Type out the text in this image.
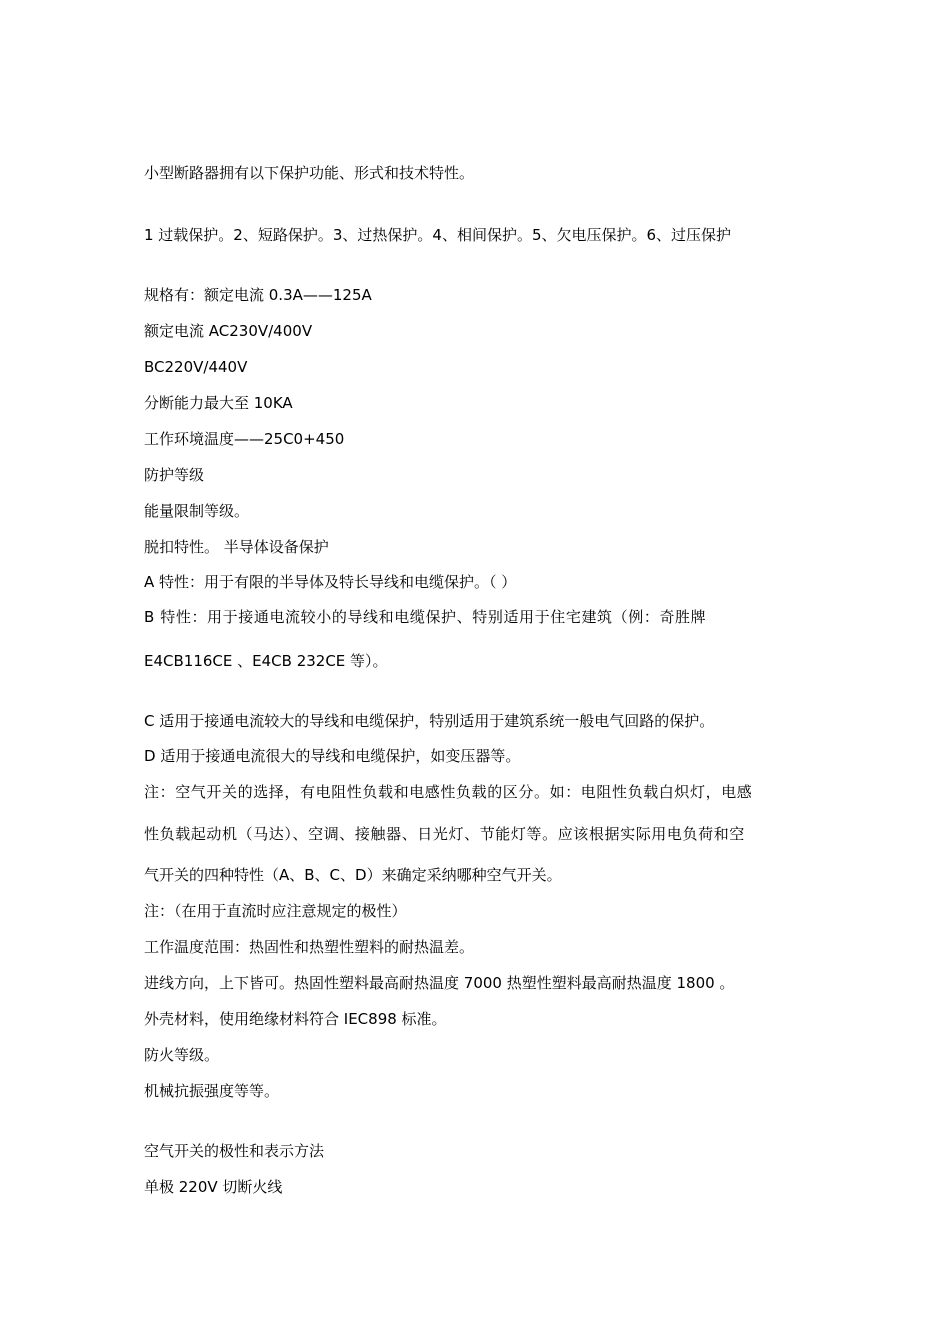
小型断路器拥有以下保护功能、形式和技术特性。
1 过载保护。2、短路保护。3、过热保护。4、相间保护。5、欠电压保护。6、过压保护
规格有：额定电流 0.3A——125A
额定电流 AC230V/400V
BC220V/440V
分断能力最大至 10KA
工作环境温度——25C0+450
防护等级
能量限制等级。
脱扣特性。 半导体设备保护
A 特性：用于有限的半导体及特长导线和电缆保护。（ ）
B 特性：用于接通电流较小的导线和电缆保护、特别适用于住宅建筑（例：奇胜牌
E4CB116CE 、E4CB 232CE 等）。
C 适用于接通电流较大的导线和电缆保护，特别适用于建筑系统一般电气回路的保护。
D 适用于接通电流很大的导线和电缆保护，如变压器等。
注：空气开关的选择，有电阻性负载和电感性负载的区分。如：电阻性负载白炽灯，电感
性负载起动机（马达）、空调、接触器、日光灯、节能灯等。应该根据实际用电负荷和空
气开关的四种特性（A、B、C、D）来确定采纳哪种空气开关。
注：（在用于直流时应注意规定的极性）
工作温度范围：热固性和热塑性塑料的耐热温差。
进线方向，上下皆可。热固性塑料最高耐热温度 7000 热塑性塑料最高耐热温度 1800 。
外壳材料，使用绝缘材料符合 IEC898 标准。
防火等级。
机械抗振强度等等。
空气开关的极性和表示方法
单极 220V 切断火线
